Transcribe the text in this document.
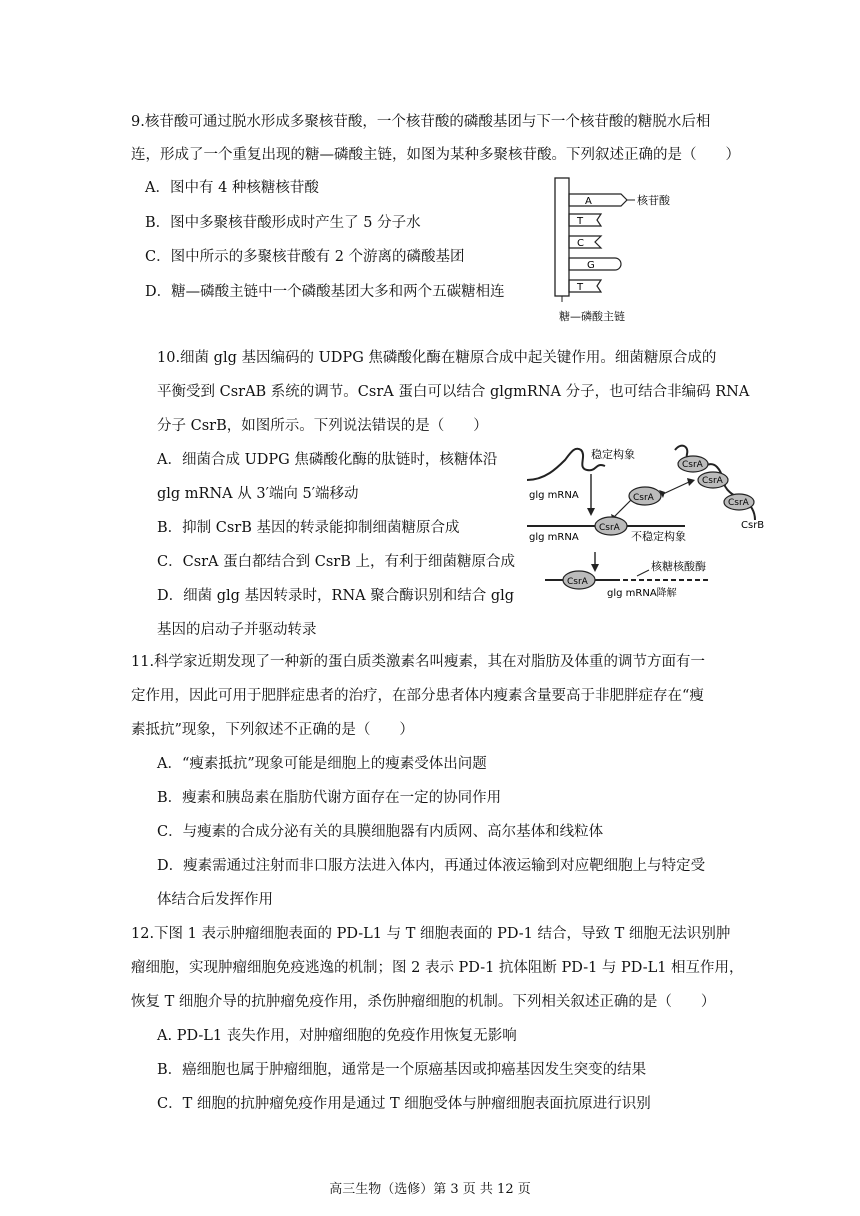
9.核苷酸可通过脱水形成多聚核苷酸，一个核苷酸的磷酸基团与下一个核苷酸的糖脱水后相
连，形成了一个重复出现的糖—磷酸主链，如图为某种多聚核苷酸。下列叙述正确的是（　　）
A．图中有 4 种核糖核苷酸
B．图中多聚核苷酸形成时产生了 5 分子水
C．图中所示的多聚核苷酸有 2 个游离的磷酸基团
D．糖—磷酸主链中一个磷酸基团大多和两个五碳糖相连
A	核苷酸
T
C
G
T
糖—磷酸主链
10.细菌 glg 基因编码的 UDPG 焦磷酸化酶在糖原合成中起关键作用。细菌糖原合成的
平衡受到 CsrAB 系统的调节。CsrA 蛋白可以结合 glgmRNA 分子，也可结合非编码 RNA
分子 CsrB，如图所示。下列说法错误的是（　　）
A．细菌合成 UDPG 焦磷酸化酶的肽链时，核糖体沿
glg mRNA 从 3′端向 5′端移动
B．抑制 CsrB 基因的转录能抑制细菌糖原合成
C．CsrA 蛋白都结合到 CsrB 上，有利于细菌糖原合成
D．细菌 glg 基因转录时，RNA 聚合酶识别和结合 glg
基因的启动子并驱动转录
稳定构象
glg mRNA	CsrA
CsrA
CsrA
CsrA
CsrB
CsrA
glg mRNA	不稳定构象
核糖核酸酶
CsrA
glg mRNA降解
11.科学家近期发现了一种新的蛋白质类激素名叫瘦素，其在对脂肪及体重的调节方面有一
定作用，因此可用于肥胖症患者的治疗，在部分患者体内瘦素含量要高于非肥胖症存在“瘦
素抵抗”现象，下列叙述不正确的是（　　）
A．“瘦素抵抗”现象可能是细胞上的瘦素受体出问题
B．瘦素和胰岛素在脂肪代谢方面存在一定的协同作用
C．与瘦素的合成分泌有关的具膜细胞器有内质网、高尔基体和线粒体
D．瘦素需通过注射而非口服方法进入体内，再通过体液运输到对应靶细胞上与特定受
体结合后发挥作用
12.下图 1 表示肿瘤细胞表面的 PD-L1 与 T 细胞表面的 PD-1 结合，导致 T 细胞无法识别肿
瘤细胞，实现肿瘤细胞免疫逃逸的机制；图 2 表示 PD-1 抗体阻断 PD-1 与 PD-L1 相互作用，
恢复 T 细胞介导的抗肿瘤免疫作用，杀伤肿瘤细胞的机制。下列相关叙述正确的是（　　）
A. PD-L1 丧失作用，对肿瘤细胞的免疫作用恢复无影响
B．癌细胞也属于肿瘤细胞，通常是一个原癌基因或抑癌基因发生突变的结果
C．T 细胞的抗肿瘤免疫作用是通过 T 细胞受体与肿瘤细胞表面抗原进行识别
高三生物（选修）第 3 页 共 12 页
